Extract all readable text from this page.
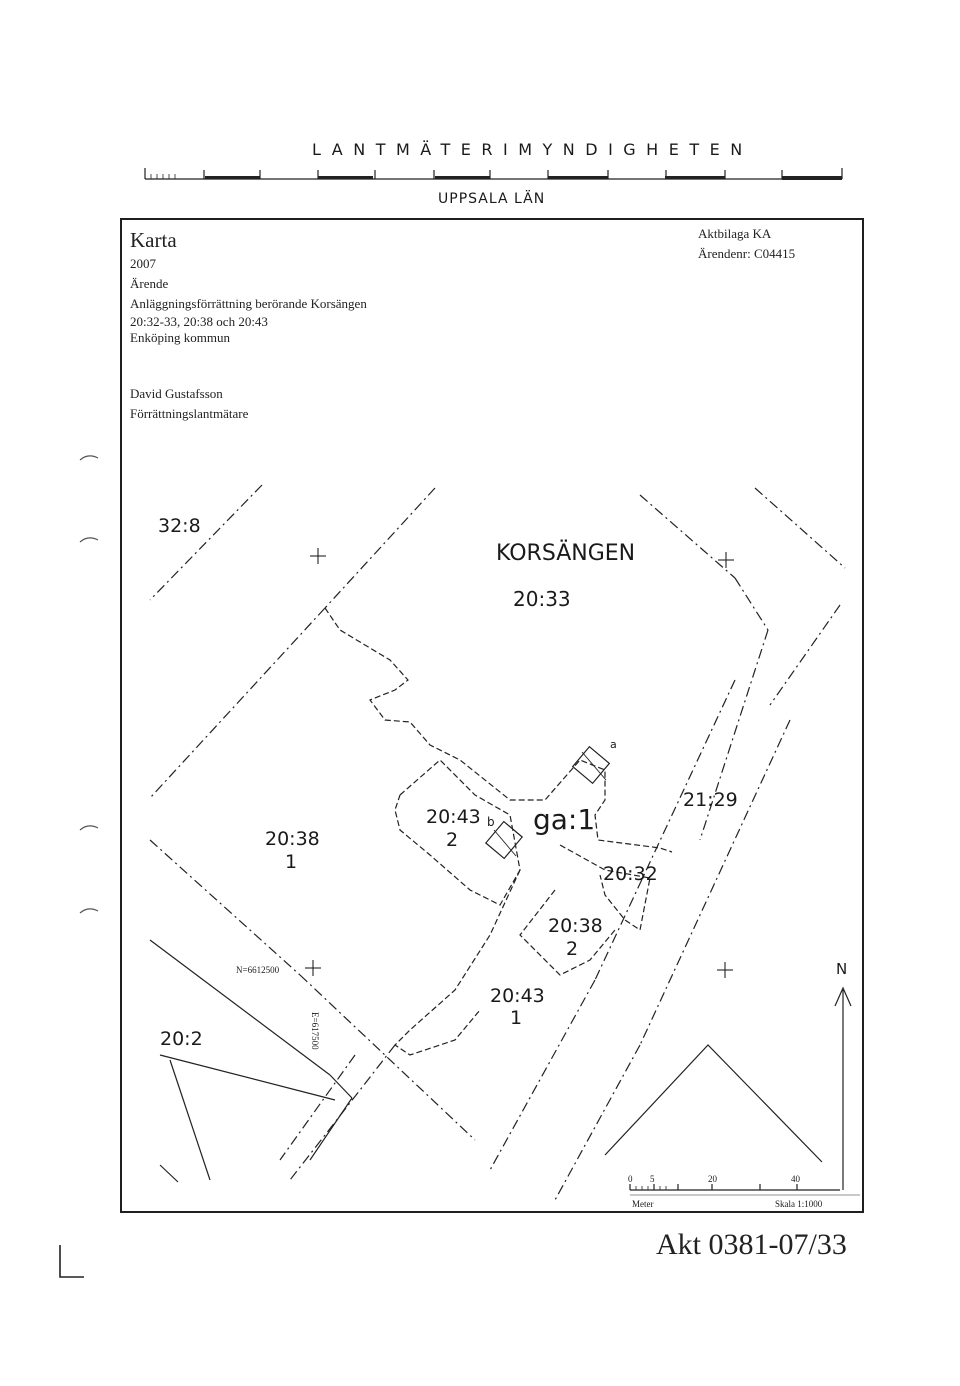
LANTMÄTERIMYNDIGHETEN
UPPSALA LÄN
Karta
2007
Ärende
Anläggningsförrättning berörande Korsängen
20:32-33, 20:38 och 20:43
Enköping kommun
David Gustafsson
Förrättningslantmätare
Aktbilaga KA
Ärendenr: C04415
32:8
KORSÄNGEN
20:33
20:38
1
20:43
2
ga:1
21:29
20:32
20:38
2
20:43
1
20:2
a
b
N
N=6612500
E=617500
0 5	20	40
Meter	Skala 1:1000
Akt 0381-07/33
